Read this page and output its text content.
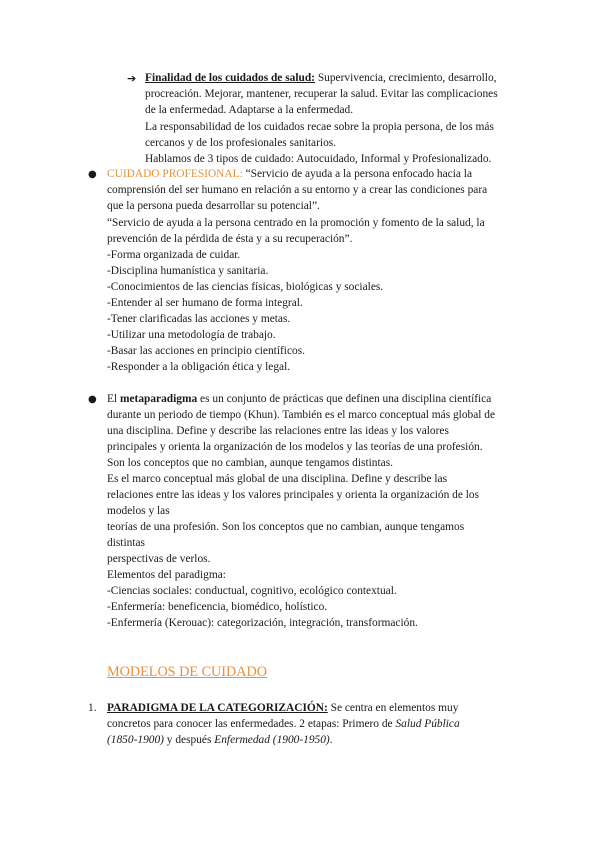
➔ Finalidad de los cuidados de salud: Supervivencia, crecimiento, desarrollo,
procreación. Mejorar, mantener, recuperar la salud. Evitar las complicaciones
de la enfermedad. Adaptarse a la enfermedad.
La responsabilidad de los cuidados recae sobre la propia persona, de los más
cercanos y de los profesionales sanitarios.
Hablamos de 3 tipos de cuidado: Autocuidado, Informal y Profesionalizado.
● CUIDADO PROFESIONAL: “Servicio de ayuda a la persona enfocado hacia la
comprensión del ser humano en relación a su entorno y a crear las condiciones para
que la persona pueda desarrollar su potencial”.
“Servicio de ayuda a la persona centrado en la promoción y fomento de la salud, la
prevención de la pérdida de ésta y a su recuperación”.
-Forma organizada de cuidar.
-Disciplina humanística y sanitaria.
-Conocimientos de las ciencias físicas, biológicas y sociales.
-Entender al ser humano de forma integral.
-Tener clarificadas las acciones y metas.
-Utilizar una metodología de trabajo.
-Basar las acciones en principio científicos.
-Responder a la obligación ética y legal.
● El metaparadigma es un conjunto de prácticas que definen una disciplina científica
durante un periodo de tiempo (Khun). También es el marco conceptual más global de
una disciplina. Define y describe las relaciones entre las ideas y los valores
principales y orienta la organización de los modelos y las teorías de una profesión.
Son los conceptos que no cambian, aunque tengamos distintas.
Es el marco conceptual más global de una disciplina. Define y describe las
relaciones entre las ideas y los valores principales y orienta la organización de los
modelos y las
teorías de una profesión. Son los conceptos que no cambian, aunque tengamos
distintas
perspectivas de verlos.
Elementos del paradigma:
-Ciencias sociales: conductual, cognitivo, ecológico contextual.
-Enfermería: beneficencia, biomédico, holístico.
-Enfermería (Kerouac): categorización, integración, transformación.
MODELOS DE CUIDADO
1. PARADIGMA DE LA CATEGORIZACIÓN: Se centra en elementos muy
concretos para conocer las enfermedades. 2 etapas: Primero de Salud Pública
(1850-1900) y después Enfermedad (1900-1950).
